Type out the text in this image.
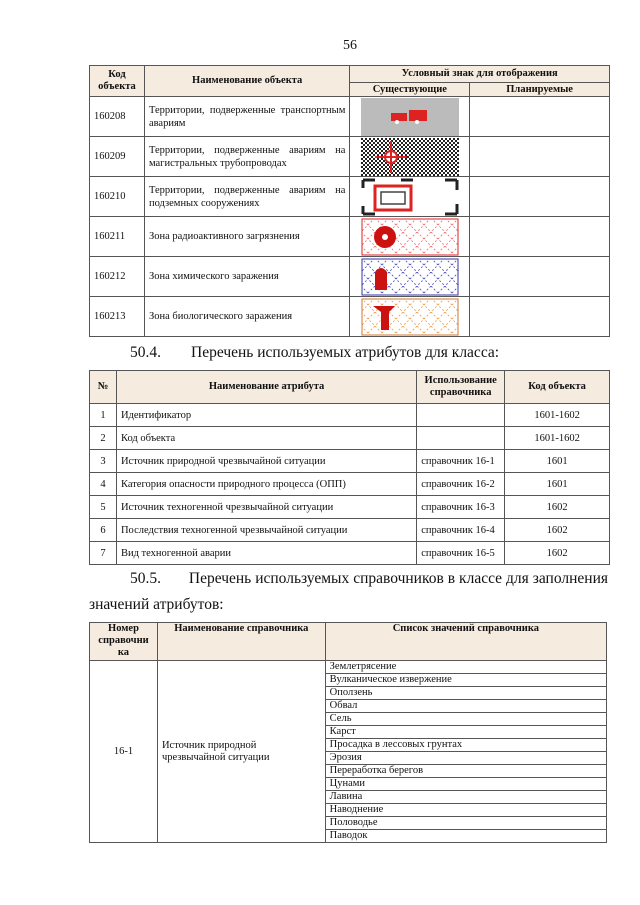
56
Код объекта	Наименование объекта	Условный знак для отображения	
		Существующие	Планируемые
160208	Территории, подверженные транспортным авариям	

160209	Территории, подверженные авариям на магистральных трубопроводах	

160210	Территории, подверженные авариям на подземных сооружениях	

160211	Зона радиоактивного загрязнения	

160212	Зона химического заражения	

160213	Зона биологического заражения	

50.4. Перечень используемых атрибутов для класса:
№	Наименование атрибута	Использование справочника	Код объекта
1	Идентификатор		1601-1602
2	Код объекта		1601-1602
3	Источник природной чрезвычайной ситуации	справочник 16-1	1601
4	Категория опасности природного процесса (ОПП)	справочник 16-2	1601
5	Источник техногенной чрезвычайной ситуации	справочник 16-3	1602
6	Последствия техногенной чрезвычайной ситуации	справочник 16-4	1602
7	Вид техногенной аварии	справочник 16-5	1602
50.5. Перечень используемых справочников в классе для заполнения
значений атрибутов:
Номер справочни ка	Наименование справочника	Список значений справочника
16-1	Источник природной чрезвычайной ситуации	Землетрясение
		Вулканическое извержение
		Оползень
		Обвал
		Сель
		Карст
		Просадка в лессовых грунтах
		Эрозия
		Переработка берегов
		Цунами
		Лавина
		Наводнение
		Половодье
		Паводок
